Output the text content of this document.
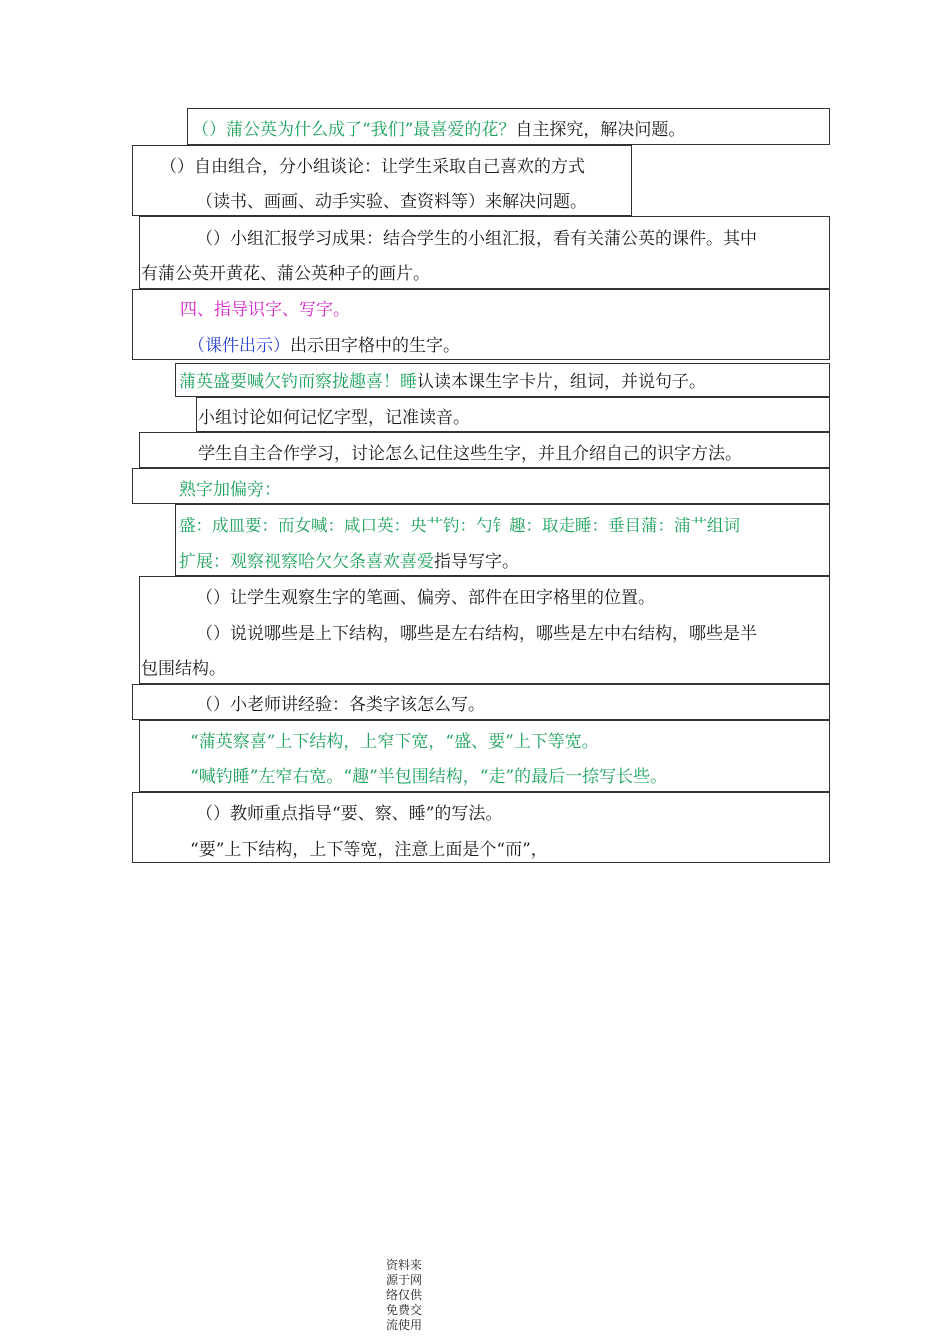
（）蒲公英为什么成了“我们”最喜爱的花？自主探究，解决问题。
（）自由组合，分小组谈论：让学生采取自己喜欢的方式
（读书、画画、动手实验、查资料等）来解决问题。
（）小组汇报学习成果：结合学生的小组汇报，看有关蒲公英的课件。其中
有蒲公英开黄花、蒲公英种子的画片。
四、指导识字、写字。
（课件出示）出示田字格中的生字。
蒲英盛要喊欠钓而察拢趣喜！睡认读本课生字卡片，组词，并说句子。
小组讨论如何记忆字型，记准读音。
学生自主合作学习，讨论怎么记住这些生字，并且介绍自己的识字方法。
熟字加偏旁：
盛：成皿要：而女喊：咸口英：央艹钓：勺钅趣：取走睡：垂目蒲：浦艹组词
扩展：观察视察哈欠欠条喜欢喜爱指导写字。
（）让学生观察生字的笔画、偏旁、部件在田字格里的位置。
（）说说哪些是上下结构，哪些是左右结构，哪些是左中右结构，哪些是半
包围结构。
（）小老师讲经验：各类字该怎么写。
“蒲英察喜”上下结构，上窄下宽，“盛、要”上下等宽。
“喊钓睡”左窄右宽。“趣”半包围结构，“走”的最后一捺写长些。
（）教师重点指导“要、察、睡”的写法。
“要”上下结构，上下等宽，注意上面是个“而”，
资料来源于网络仅供免费交流使用
